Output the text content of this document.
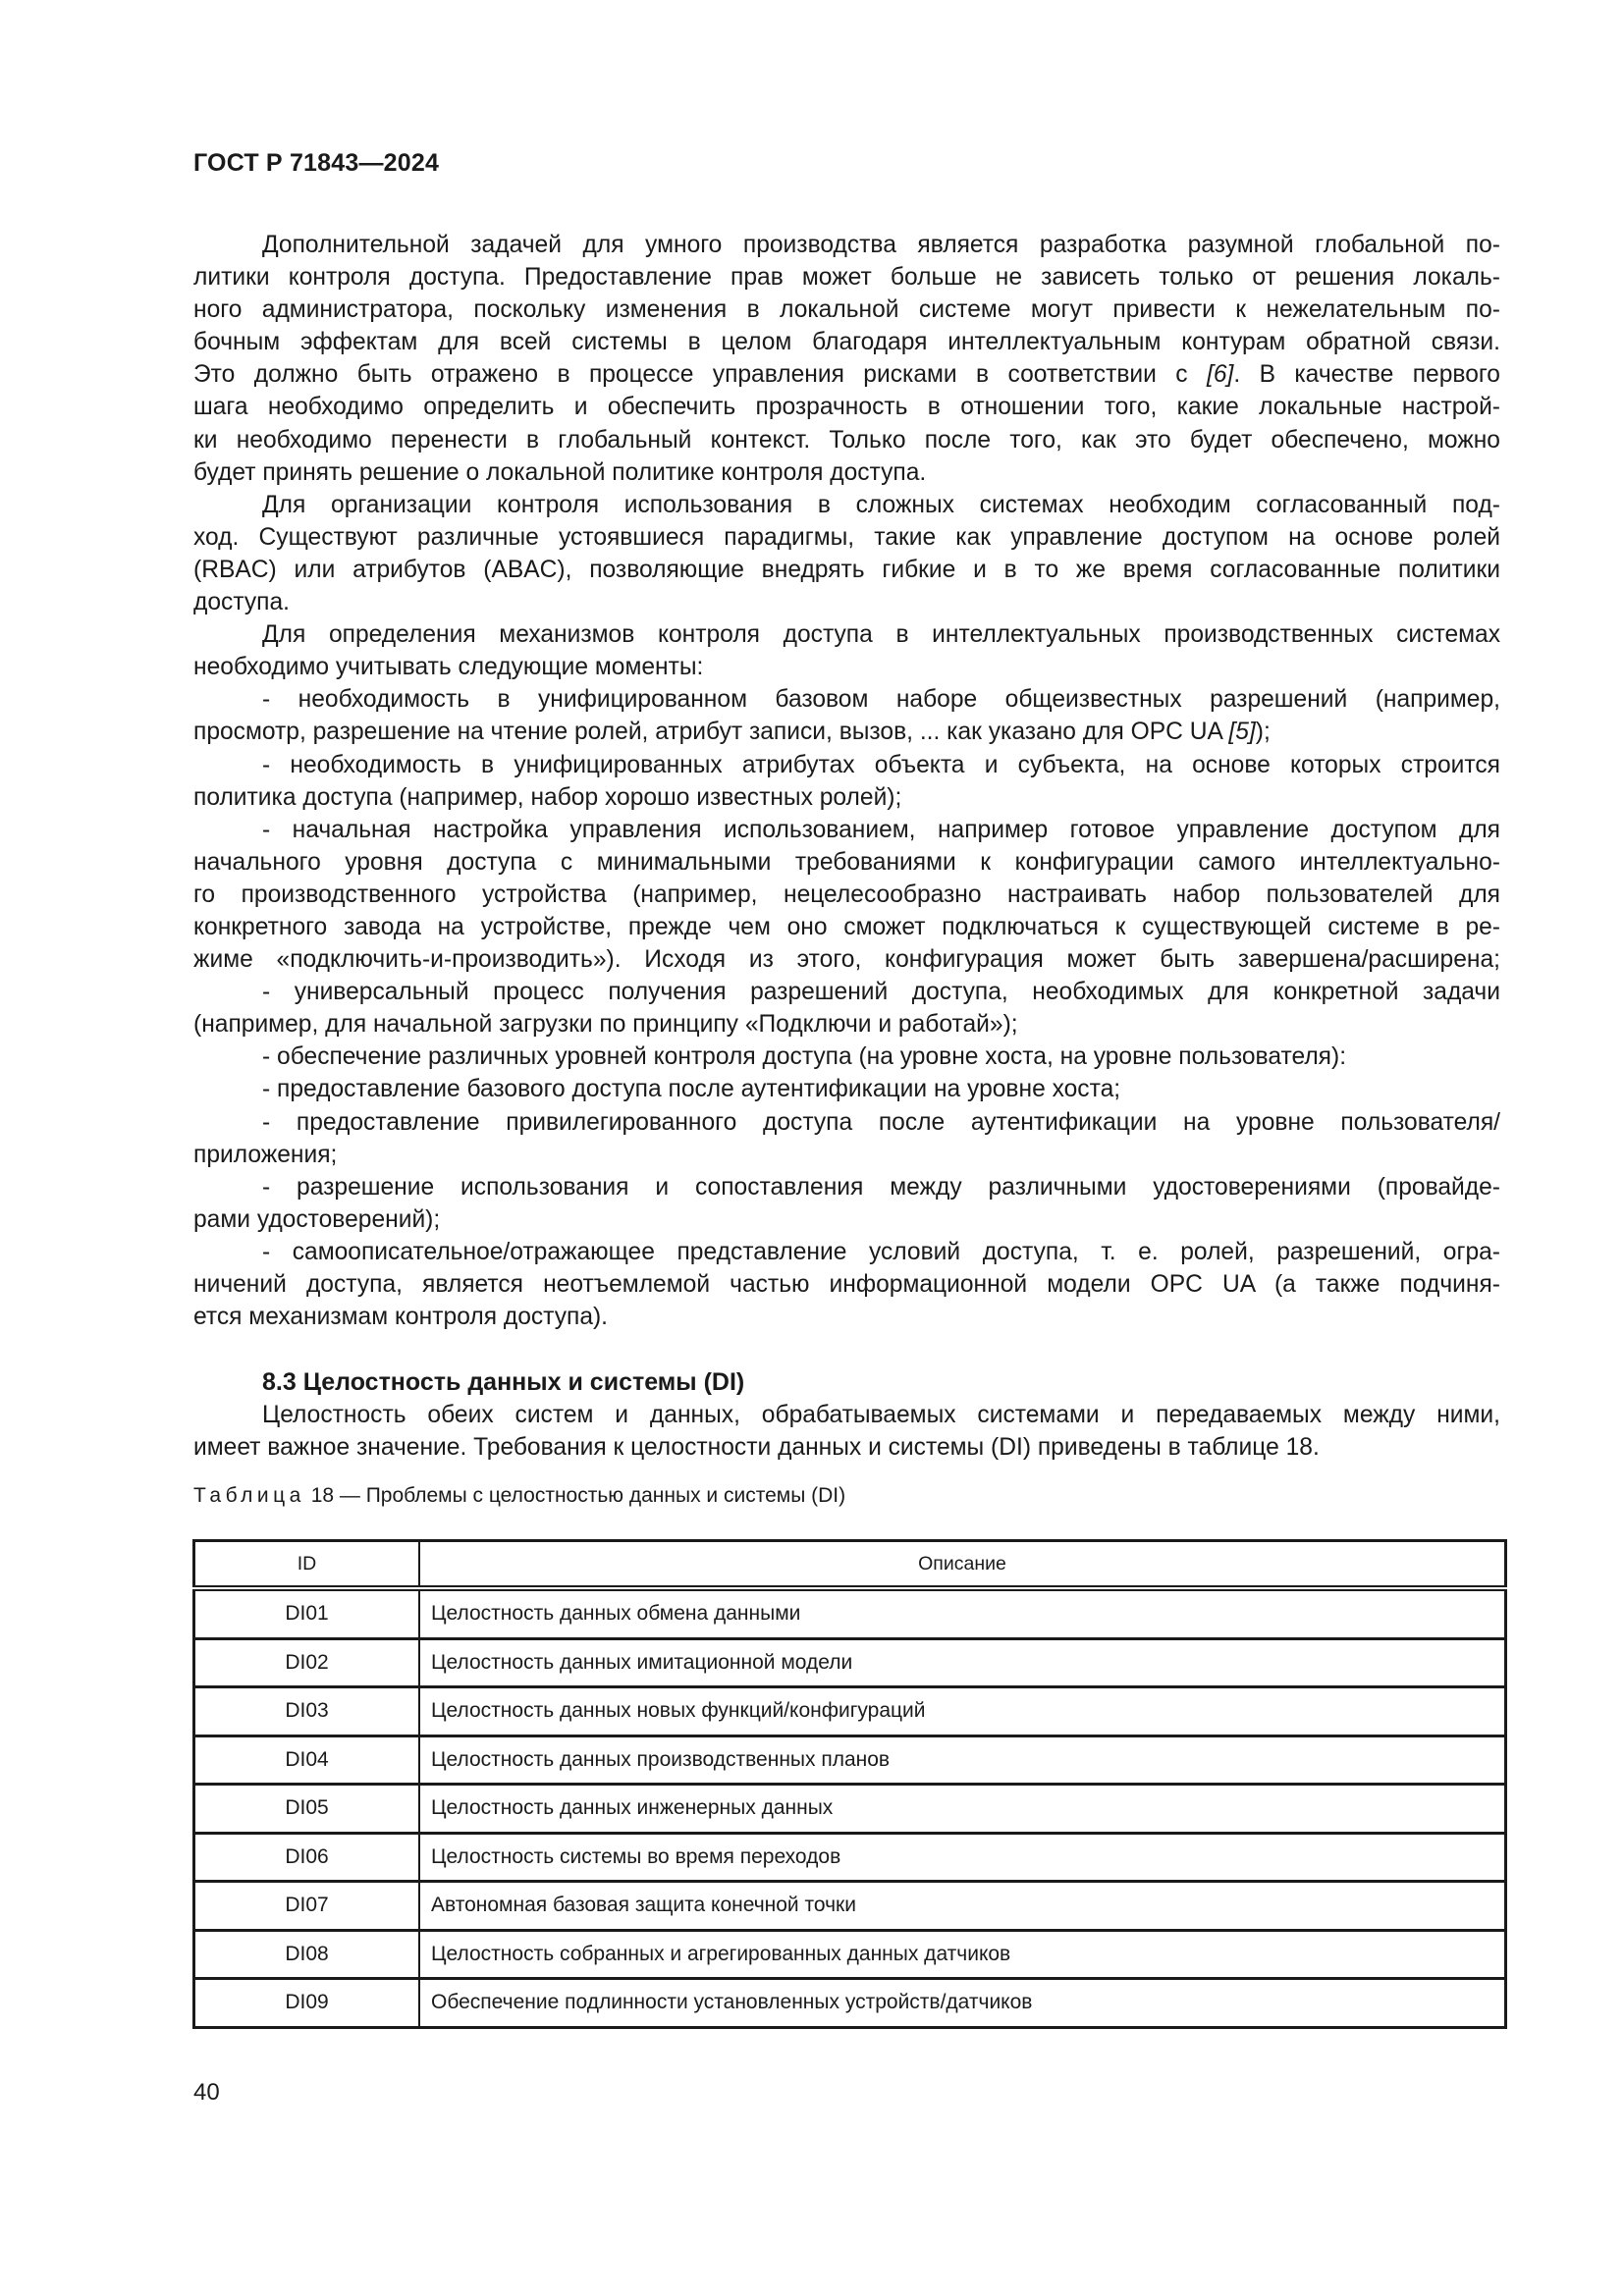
ГОСТ Р 71843—2024
Дополнительной задачей для умного производства является разработка разумной глобальной по-
литики контроля доступа. Предоставление прав может больше не зависеть только от решения локаль-
ного администратора, поскольку изменения в локальной системе могут привести к нежелательным по-
бочным эффектам для всей системы в целом благодаря интеллектуальным контурам обратной связи.
Это должно быть отражено в процессе управления рисками в соответствии с [6]. В качестве первого
шага необходимо определить и обеспечить прозрачность в отношении того, какие локальные настрой-
ки необходимо перенести в глобальный контекст. Только после того, как это будет обеспечено, можно
будет принять решение о локальной политике контроля доступа.
Для организации контроля использования в сложных системах необходим согласованный под-
ход. Существуют различные устоявшиеся парадигмы, такие как управление доступом на основе ролей
(RBAC) или атрибутов (ABAC), позволяющие внедрять гибкие и в то же время согласованные политики
доступа.
Для определения механизмов контроля доступа в интеллектуальных производственных системах
необходимо учитывать следующие моменты:
- необходимость в унифицированном базовом наборе общеизвестных разрешений (например,
просмотр, разрешение на чтение ролей, атрибут записи, вызов, ... как указано для OPC UA [5]);
- необходимость в унифицированных атрибутах объекта и субъекта, на основе которых строится
политика доступа (например, набор хорошо известных ролей);
- начальная настройка управления использованием, например готовое управление доступом для
начального уровня доступа с минимальными требованиями к конфигурации самого интеллектуально-
го производственного устройства (например, нецелесообразно настраивать набор пользователей для
конкретного завода на устройстве, прежде чем оно сможет подключаться к существующей системе в ре-
жиме «подключить-и-производить»). Исходя из этого, конфигурация может быть завершена/расширена;
- универсальный процесс получения разрешений доступа, необходимых для конкретной задачи
(например, для начальной загрузки по принципу «Подключи и работай»);
- обеспечение различных уровней контроля доступа (на уровне хоста, на уровне пользователя):
- предоставление базового доступа после аутентификации на уровне хоста;
- предоставление привилегированного доступа после аутентификации на уровне пользователя/
приложения;
- разрешение использования и сопоставления между различными удостоверениями (провайде-
рами удостоверений);
- самоописательное/отражающее представление условий доступа, т. е. ролей, разрешений, огра-
ничений доступа, является неотъемлемой частью информационной модели OPC UA (а также подчиня-
ется механизмам контроля доступа).
8.3 Целостность данных и системы (DI)
Целостность обеих систем и данных, обрабатываемых системами и передаваемых между ними,
имеет важное значение. Требования к целостности данных и системы (DI) приведены в таблице 18.
Таблица 18 — Проблемы с целостностью данных и системы (DI)
ID	Описание
DI01	Целостность данных обмена данными
DI02	Целостность данных имитационной модели
DI03	Целостность данных новых функций/конфигураций
DI04	Целостность данных производственных планов
DI05	Целостность данных инженерных данных
DI06	Целостность системы во время переходов
DI07	Автономная базовая защита конечной точки
DI08	Целостность собранных и агрегированных данных датчиков
DI09	Обеспечение подлинности установленных устройств/датчиков
40
